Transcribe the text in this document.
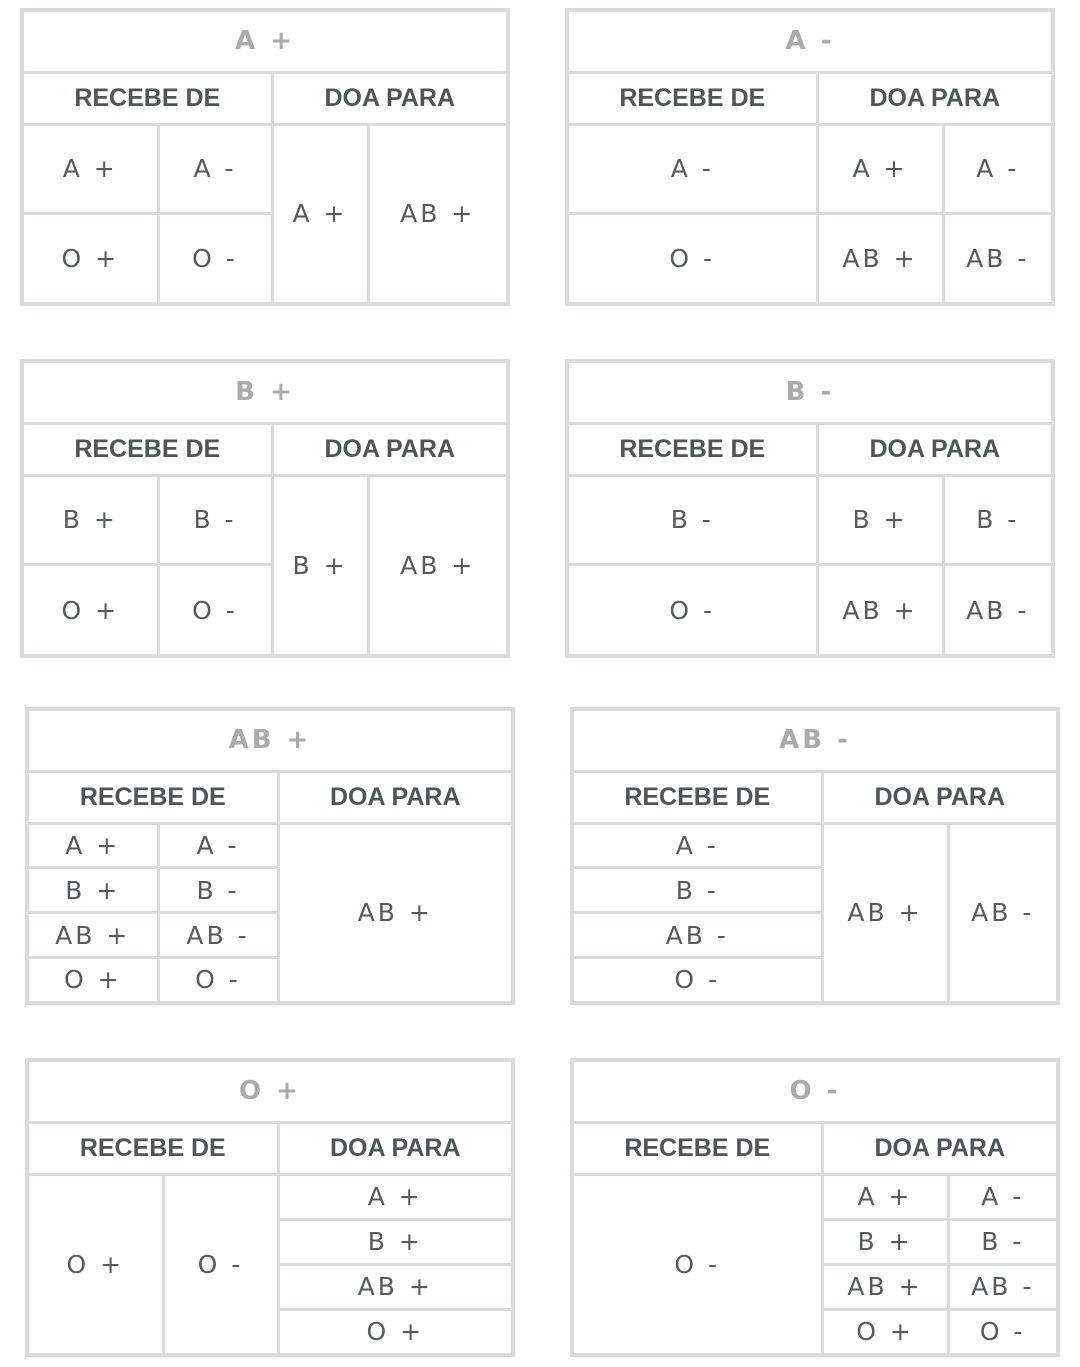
A +			
RECEBE DE		DOA PARA	
A +	A -	A +	AB +
O +	O -		
A -		
RECEBE DE	DOA PARA	
A -	A +	A -
O -	AB +	AB -
B +			
RECEBE DE		DOA PARA	
B +	B -	B +	AB +
O +	O -		
B -		
RECEBE DE	DOA PARA	
B -	B +	B -
O -	AB +	AB -
AB +		
RECEBE DE		DOA PARA
A +	A -	AB +
B +	B -	
AB +	AB -	
O +	O -	
AB -		
RECEBE DE	DOA PARA	
A -	AB +	AB -
B -		
AB -		
O -		
O +		
RECEBE DE		DOA PARA
O +	O -	A +
		B +
		AB +
		O +
O -		
RECEBE DE	DOA PARA	
O -	A +	A -
	B +	B -
	AB +	AB -
	O +	O -
